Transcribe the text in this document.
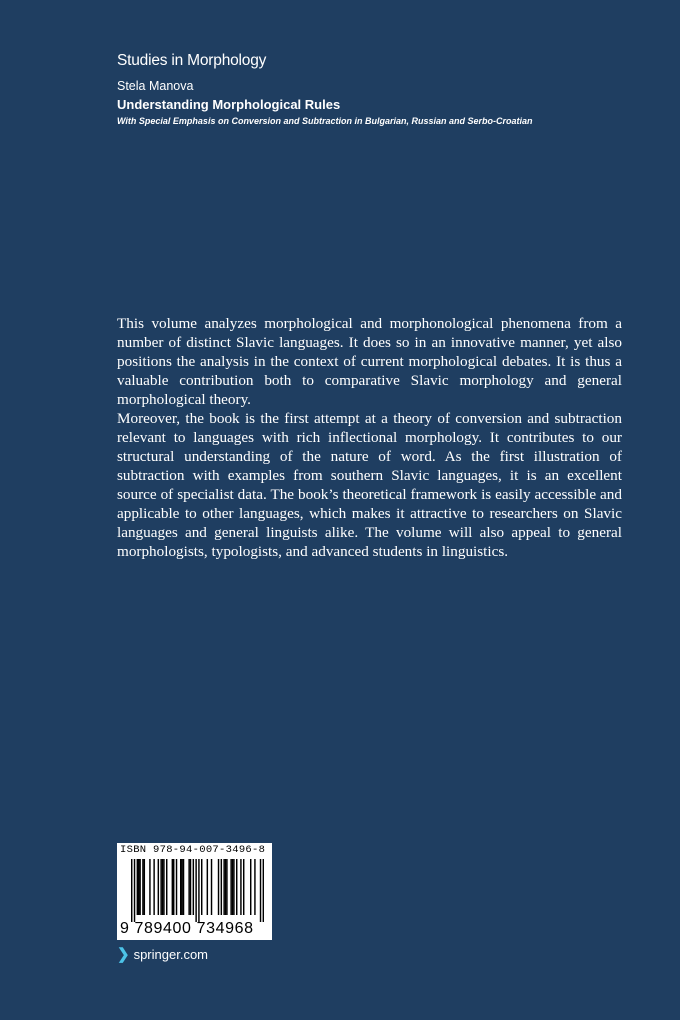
Studies in Morphology
Stela Manova
Understanding Morphological Rules
With Special Emphasis on Conversion and Subtraction in Bulgarian, Russian and Serbo-Croatian

This volume analyzes morphological and morphonological phenomena from a number of distinct Slavic languages. It does so in an innovative manner, yet also positions the analysis in the context of current morphological debates. It is thus a valuable contribution both to comparative Slavic morphology and general morphological theory.

Moreover, the book is the first attempt at a theory of conversion and subtraction relevant to languages with rich inflectional morphology. It contributes to our structural understanding of the nature of word. As the first illustration of subtraction with examples from southern Slavic languages, it is an excellent source of specialist data. The book’s theoretical framework is easily accessible and applicable to other languages, which makes it attractive to researchers on Slavic languages and general linguists alike. The volume will also appeal to general morphologists, typologists, and advanced students in linguistics.

ISBN 978-94-007-3496-8
9 789400 734968
❯ springer.com
